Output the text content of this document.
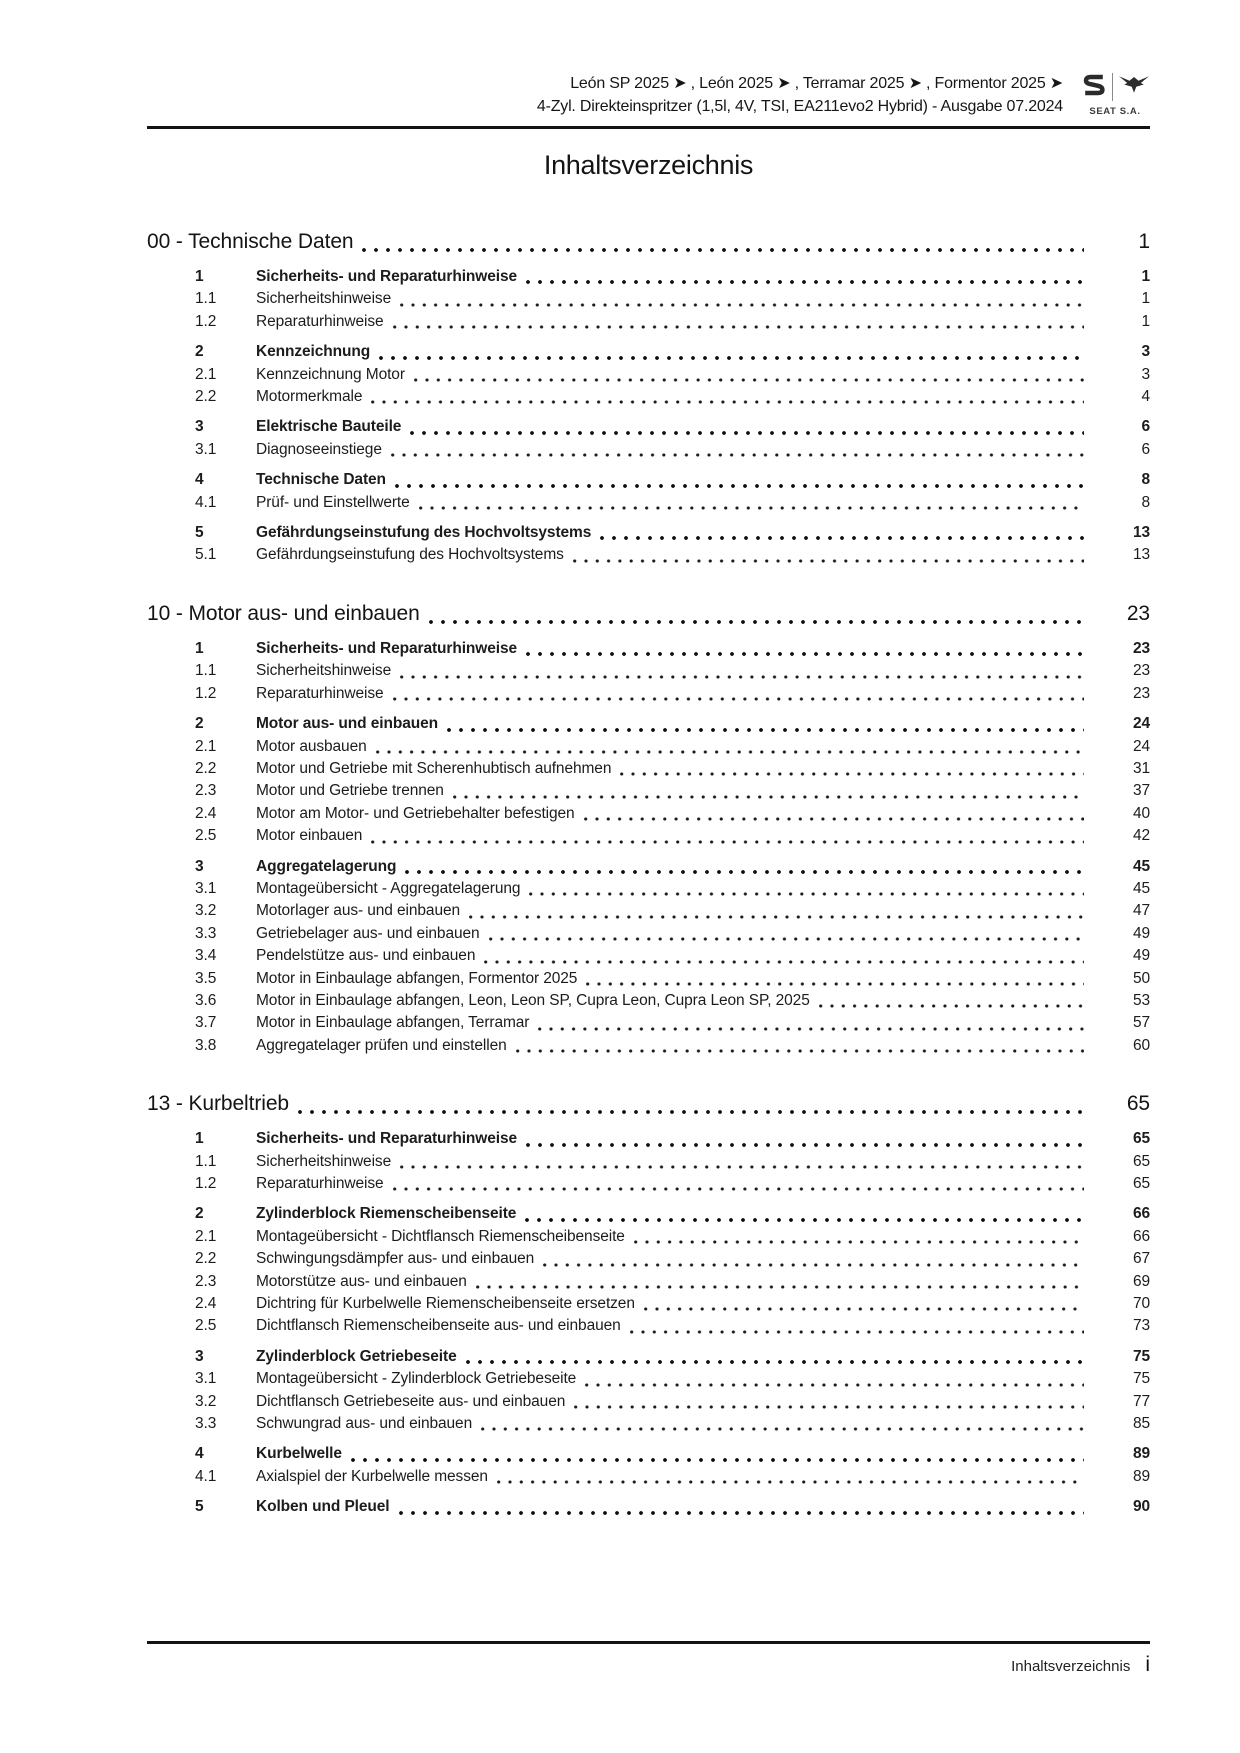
León SP 2025 ➤ , León 2025 ➤ , Terramar 2025 ➤ , Formentor 2025 ➤
4-Zyl. Direkteinspritzer (1,5l, 4V, TSI, EA211evo2 Hybrid) - Ausgabe 07.2024	SEAT S.A.
Inhaltsverzeichnis
00 - Technische Daten	1
1	Sicherheits- und Reparaturhinweise	1
1.1	Sicherheitshinweise	1
1.2	Reparaturhinweise	1
2	Kennzeichnung	3
2.1	Kennzeichnung Motor	3
2.2	Motormerkmale	4
3	Elektrische Bauteile	6
3.1	Diagnoseeinstiege	6
4	Technische Daten	8
4.1	Prüf- und Einstellwerte	8
5	Gefährdungseinstufung des Hochvoltsystems	13
5.1	Gefährdungseinstufung des Hochvoltsystems	13
10 - Motor aus- und einbauen	23
1	Sicherheits- und Reparaturhinweise	23
1.1	Sicherheitshinweise	23
1.2	Reparaturhinweise	23
2	Motor aus- und einbauen	24
2.1	Motor ausbauen	24
2.2	Motor und Getriebe mit Scherenhubtisch aufnehmen	31
2.3	Motor und Getriebe trennen	37
2.4	Motor am Motor- und Getriebehalter befestigen	40
2.5	Motor einbauen	42
3	Aggregatelagerung	45
3.1	Montageübersicht - Aggregatelagerung	45
3.2	Motorlager aus- und einbauen	47
3.3	Getriebelager aus- und einbauen	49
3.4	Pendelstütze aus- und einbauen	49
3.5	Motor in Einbaulage abfangen, Formentor 2025	50
3.6	Motor in Einbaulage abfangen, Leon, Leon SP, Cupra Leon, Cupra Leon SP, 2025	53
3.7	Motor in Einbaulage abfangen, Terramar	57
3.8	Aggregatelager prüfen und einstellen	60
13 - Kurbeltrieb	65
1	Sicherheits- und Reparaturhinweise	65
1.1	Sicherheitshinweise	65
1.2	Reparaturhinweise	65
2	Zylinderblock Riemenscheibenseite	66
2.1	Montageübersicht - Dichtflansch Riemenscheibenseite	66
2.2	Schwingungsdämpfer aus- und einbauen	67
2.3	Motorstütze aus- und einbauen	69
2.4	Dichtring für Kurbelwelle Riemenscheibenseite ersetzen	70
2.5	Dichtflansch Riemenscheibenseite aus- und einbauen	73
3	Zylinderblock Getriebeseite	75
3.1	Montageübersicht - Zylinderblock Getriebeseite	75
3.2	Dichtflansch Getriebeseite aus- und einbauen	77
3.3	Schwungrad aus- und einbauen	85
4	Kurbelwelle	89
4.1	Axialspiel der Kurbelwelle messen	89
5	Kolben und Pleuel	90
Inhaltsverzeichnis i
